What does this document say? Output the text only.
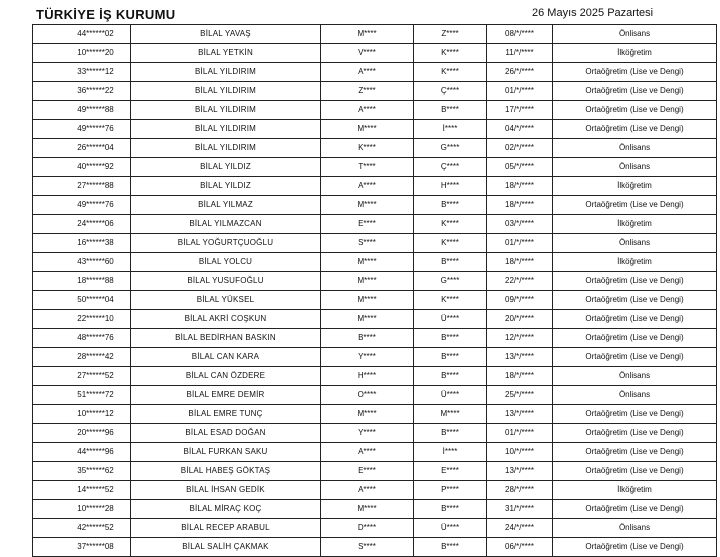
TÜRKİYE İŞ KURUMU	26 Mayıs 2025 Pazartesi
44******02	BİLAL YAVAŞ	M****	Z****	08/*/****	Önlisans
10******20	BİLAL YETKİN	V****	K****	11/*/****	İlköğretim
33******12	BİLAL YILDIRIM	A****	K****	26/*/****	Ortaöğretim (Lise ve Dengi)
36******22	BİLAL YILDIRIM	Z****	Ç****	01/*/****	Ortaöğretim (Lise ve Dengi)
49******88	BİLAL YILDIRIM	A****	B****	17/*/****	Ortaöğretim (Lise ve Dengi)
49******76	BİLAL YILDIRIM	M****	İ****	04/*/****	Ortaöğretim (Lise ve Dengi)
26******04	BİLAL YILDIRIM	K****	G****	02/*/****	Önlisans
40******92	BİLAL YILDIZ	T****	Ç****	05/*/****	Önlisans
27******88	BİLAL YILDIZ	A****	H****	18/*/****	İlköğretim
49******76	BİLAL YILMAZ	M****	B****	18/*/****	Ortaöğretim (Lise ve Dengi)
24******06	BİLAL YILMAZCAN	E****	K****	03/*/****	İlköğretim
16******38	BİLAL YOĞURTÇUOĞLU	S****	K****	01/*/****	Önlisans
43******60	BİLAL YOLCU	M****	B****	18/*/****	İlköğretim
18******88	BİLAL YUSUFOĞLU	M****	G****	22/*/****	Ortaöğretim (Lise ve Dengi)
50******04	BİLAL YÜKSEL	M****	K****	09/*/****	Ortaöğretim (Lise ve Dengi)
22******10	BİLAL AKRİ COŞKUN	M****	Ü****	20/*/****	Ortaöğretim (Lise ve Dengi)
48******76	BİLAL BEDİRHAN BASKIN	B****	B****	12/*/****	Ortaöğretim (Lise ve Dengi)
28******42	BİLAL CAN KARA	Y****	B****	13/*/****	Ortaöğretim (Lise ve Dengi)
27******52	BİLAL CAN ÖZDERE	H****	B****	18/*/****	Önlisans
51******72	BİLAL EMRE DEMİR	O****	Ü****	25/*/****	Önlisans
10******12	BİLAL EMRE TUNÇ	M****	M****	13/*/****	Ortaöğretim (Lise ve Dengi)
20******96	BİLAL ESAD DOĞAN	Y****	B****	01/*/****	Ortaöğretim (Lise ve Dengi)
44******96	BİLAL FURKAN SAKU	A****	İ****	10/*/****	Ortaöğretim (Lise ve Dengi)
35******62	BİLAL HABEŞ GÖKTAŞ	E****	E****	13/*/****	Ortaöğretim (Lise ve Dengi)
14******52	BİLAL İHSAN GEDİK	A****	P****	28/*/****	İlköğretim
10******28	BİLAL MİRAÇ KOÇ	M****	B****	31/*/****	Ortaöğretim (Lise ve Dengi)
42******52	BİLAL RECEP ARABUL	D****	Ü****	24/*/****	Önlisans
37******08	BİLAL SALİH ÇAKMAK	S****	B****	06/*/****	Ortaöğretim (Lise ve Dengi)
